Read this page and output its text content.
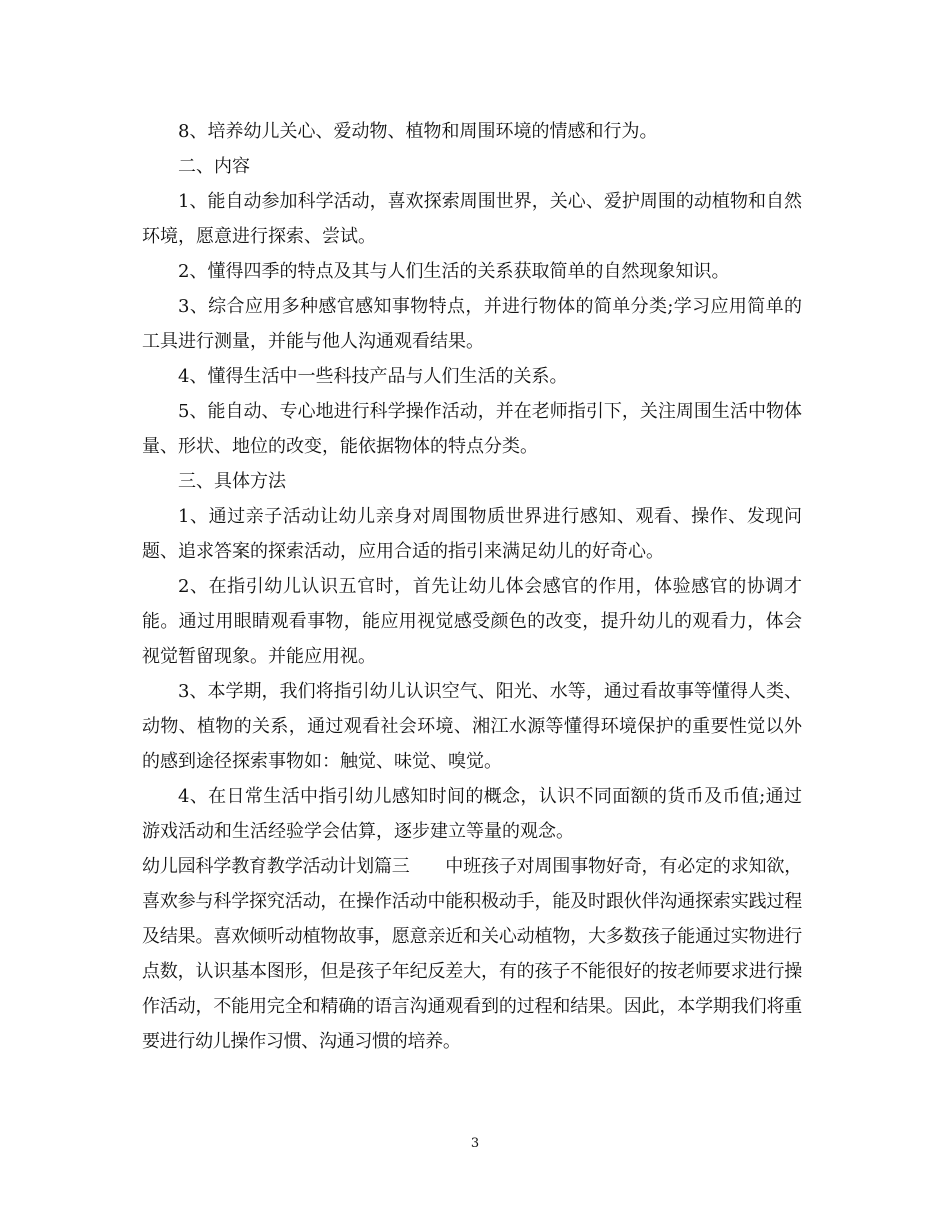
8、培养幼儿关心、爱动物、植物和周围环境的情感和行为。

二、内容

1、能自动参加科学活动，喜欢探索周围世界，关心、爱护周围的动植物和自然环境，愿意进行探索、尝试。

2、懂得四季的特点及其与人们生活的关系获取简单的自然现象知识。

3、综合应用多种感官感知事物特点，并进行物体的简单分类;学习应用简单的工具进行测量，并能与他人沟通观看结果。

4、懂得生活中一些科技产品与人们生活的关系。

5、能自动、专心地进行科学操作活动，并在老师指引下，关注周围生活中物体量、形状、地位的改变，能依据物体的特点分类。

三、具体方法

1、通过亲子活动让幼儿亲身对周围物质世界进行感知、观看、操作、发现问题、追求答案的探索活动，应用合适的指引来满足幼儿的好奇心。

2、在指引幼儿认识五官时，首先让幼儿体会感官的作用，体验感官的协调才能。通过用眼睛观看事物，能应用视觉感受颜色的改变，提升幼儿的观看力，体会视觉暂留现象。并能应用视。

3、本学期，我们将指引幼儿认识空气、阳光、水等，通过看故事等懂得人类、动物、植物的关系，通过观看社会环境、湘江水源等懂得环境保护的重要性觉以外的感到途径探索事物如：触觉、味觉、嗅觉。

4、在日常生活中指引幼儿感知时间的概念，认识不同面额的货币及币值;通过游戏活动和生活经验学会估算，逐步建立等量的观念。

幼儿园科学教育教学活动计划篇三　　中班孩子对周围事物好奇，有必定的求知欲，喜欢参与科学探究活动，在操作活动中能积极动手，能及时跟伙伴沟通探索实践过程及结果。喜欢倾听动植物故事，愿意亲近和关心动植物，大多数孩子能通过实物进行点数，认识基本图形，但是孩子年纪反差大，有的孩子不能很好的按老师要求进行操作活动，不能用完全和精确的语言沟通观看到的过程和结果。因此，本学期我们将重要进行幼儿操作习惯、沟通习惯的培养。

3
